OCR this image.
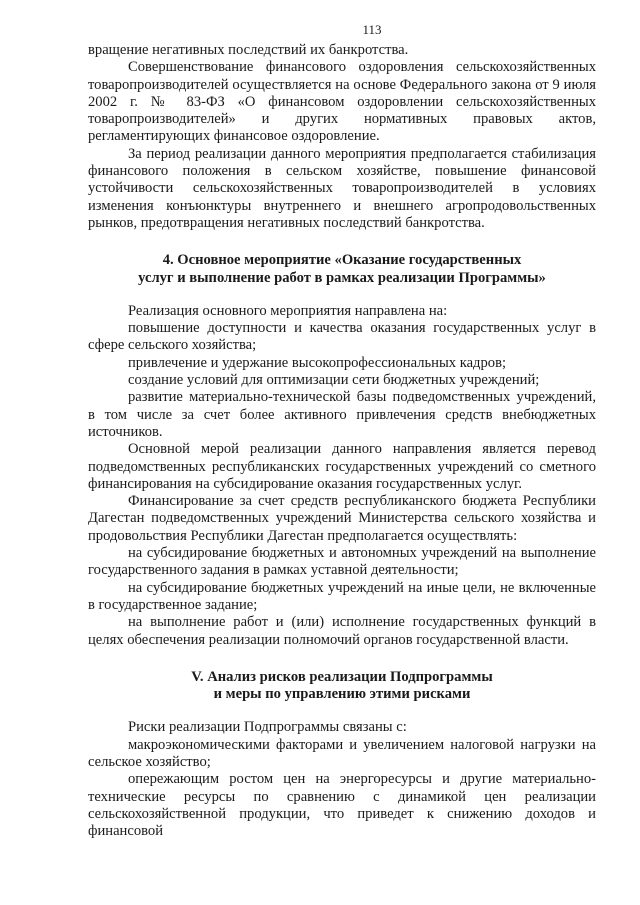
113

вращение негативных последствий их банкротства.

Совершенствование финансового оздоровления сельскохозяйственных товаропроизводителей осуществляется на основе Федерального закона от 9 июля 2002 г. № 83-ФЗ «О финансовом оздоровлении сельскохозяйственных товаропроизводителей» и других нормативных правовых актов, регламентирующих финансовое оздоровление.

За период реализации данного мероприятия предполагается стабилизация финансового положения в сельском хозяйстве, повышение финансовой устойчивости сельскохозяйственных товаропроизводителей в условиях изменения конъюнктуры внутреннего и внешнего агропродовольственных рынков, предотвращения негативных последствий банкротства.

4. Основное мероприятие «Оказание государственных
услуг и выполнение работ в рамках реализации Программы»

Реализация основного мероприятия направлена на:

повышение доступности и качества оказания государственных услуг в сфере сельского хозяйства;

привлечение и удержание высокопрофессиональных кадров;

создание условий для оптимизации сети бюджетных учреждений;

развитие материально-технической базы подведомственных учреждений, в том числе за счет более активного привлечения средств внебюджетных источников.

Основной мерой реализации данного направления является перевод подведомственных республиканских государственных учреждений со сметного финансирования на субсидирование оказания государственных услуг.

Финансирование за счет средств республиканского бюджета Республики Дагестан подведомственных учреждений Министерства сельского хозяйства и продовольствия Республики Дагестан предполагается осуществлять:

на субсидирование бюджетных и автономных учреждений на выполнение государственного задания в рамках уставной деятельности;

на субсидирование бюджетных учреждений на иные цели, не включенные в государственное задание;

на выполнение работ и (или) исполнение государственных функций в целях обеспечения реализации полномочий органов государственной власти.

V. Анализ рисков реализации Подпрограммы
и меры по управлению этими рисками

Риски реализации Подпрограммы связаны с:

макроэкономическими факторами и увеличением налоговой нагрузки на сельское хозяйство;

опережающим ростом цен на энергоресурсы и другие материально-технические ресурсы по сравнению с динамикой цен реализации сельскохозяйственной продукции, что приведет к снижению доходов и финансовой
